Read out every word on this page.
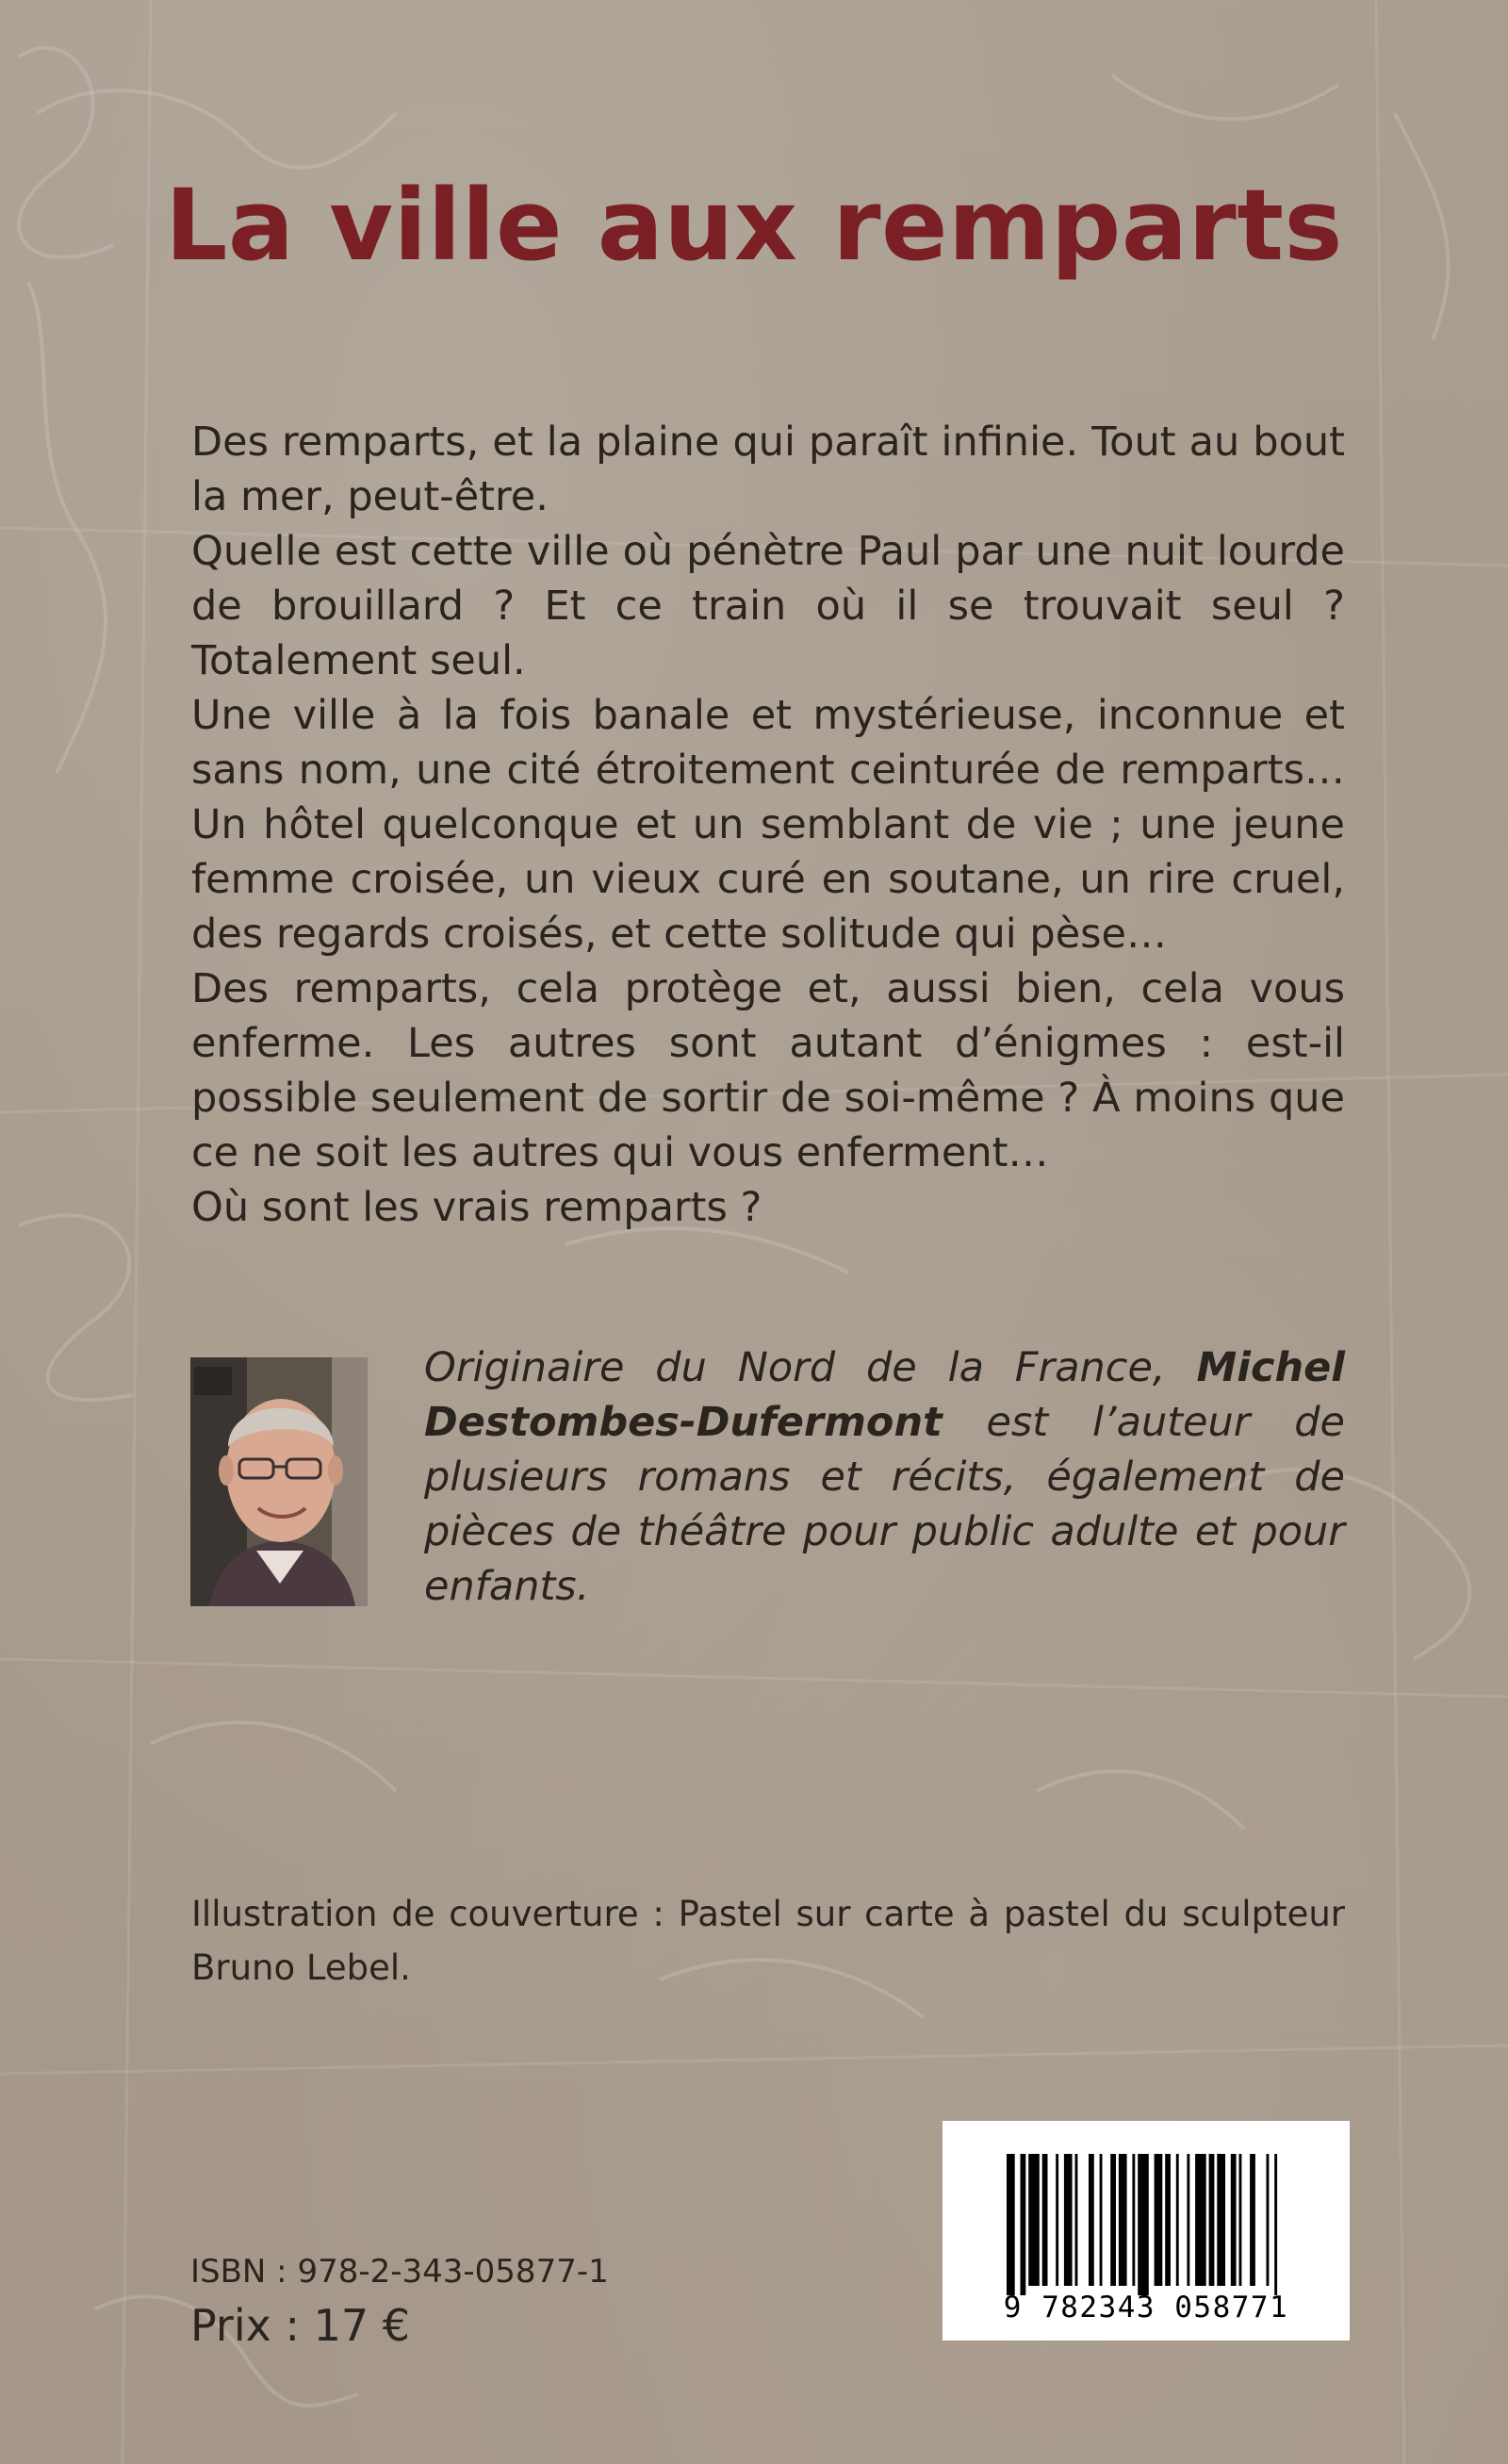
La ville aux remparts

Des remparts, et la plaine qui paraît infinie. Tout au bout la mer, peut-être.

Quelle est cette ville où pénètre Paul par une nuit lourde de brouillard ? Et ce train où il se trouvait seul ? Totalement seul.

Une ville à la fois banale et mystérieuse, inconnue et sans nom, une cité étroitement ceinturée de remparts… Un hôtel quelconque et un semblant de vie ; une jeune femme croisée, un vieux curé en soutane, un rire cruel, des regards croisés, et cette solitude qui pèse…

Des remparts, cela protège et, aussi bien, cela vous enferme. Les autres sont autant d’énigmes : est-il possible seulement de sortir de soi-même ? À moins que ce ne soit les autres qui vous enferment…

Où sont les vrais remparts ?

Originaire du Nord de la France, Michel Destombes-Dufermont est l’auteur de plusieurs romans et récits, également de pièces de théâtre pour public adulte et pour enfants.

Illustration de couverture : Pastel sur carte à pastel du sculpteur Bruno Lebel.

ISBN : 978-2-343-05877-1
Prix : 17 €	9 782343 058771
